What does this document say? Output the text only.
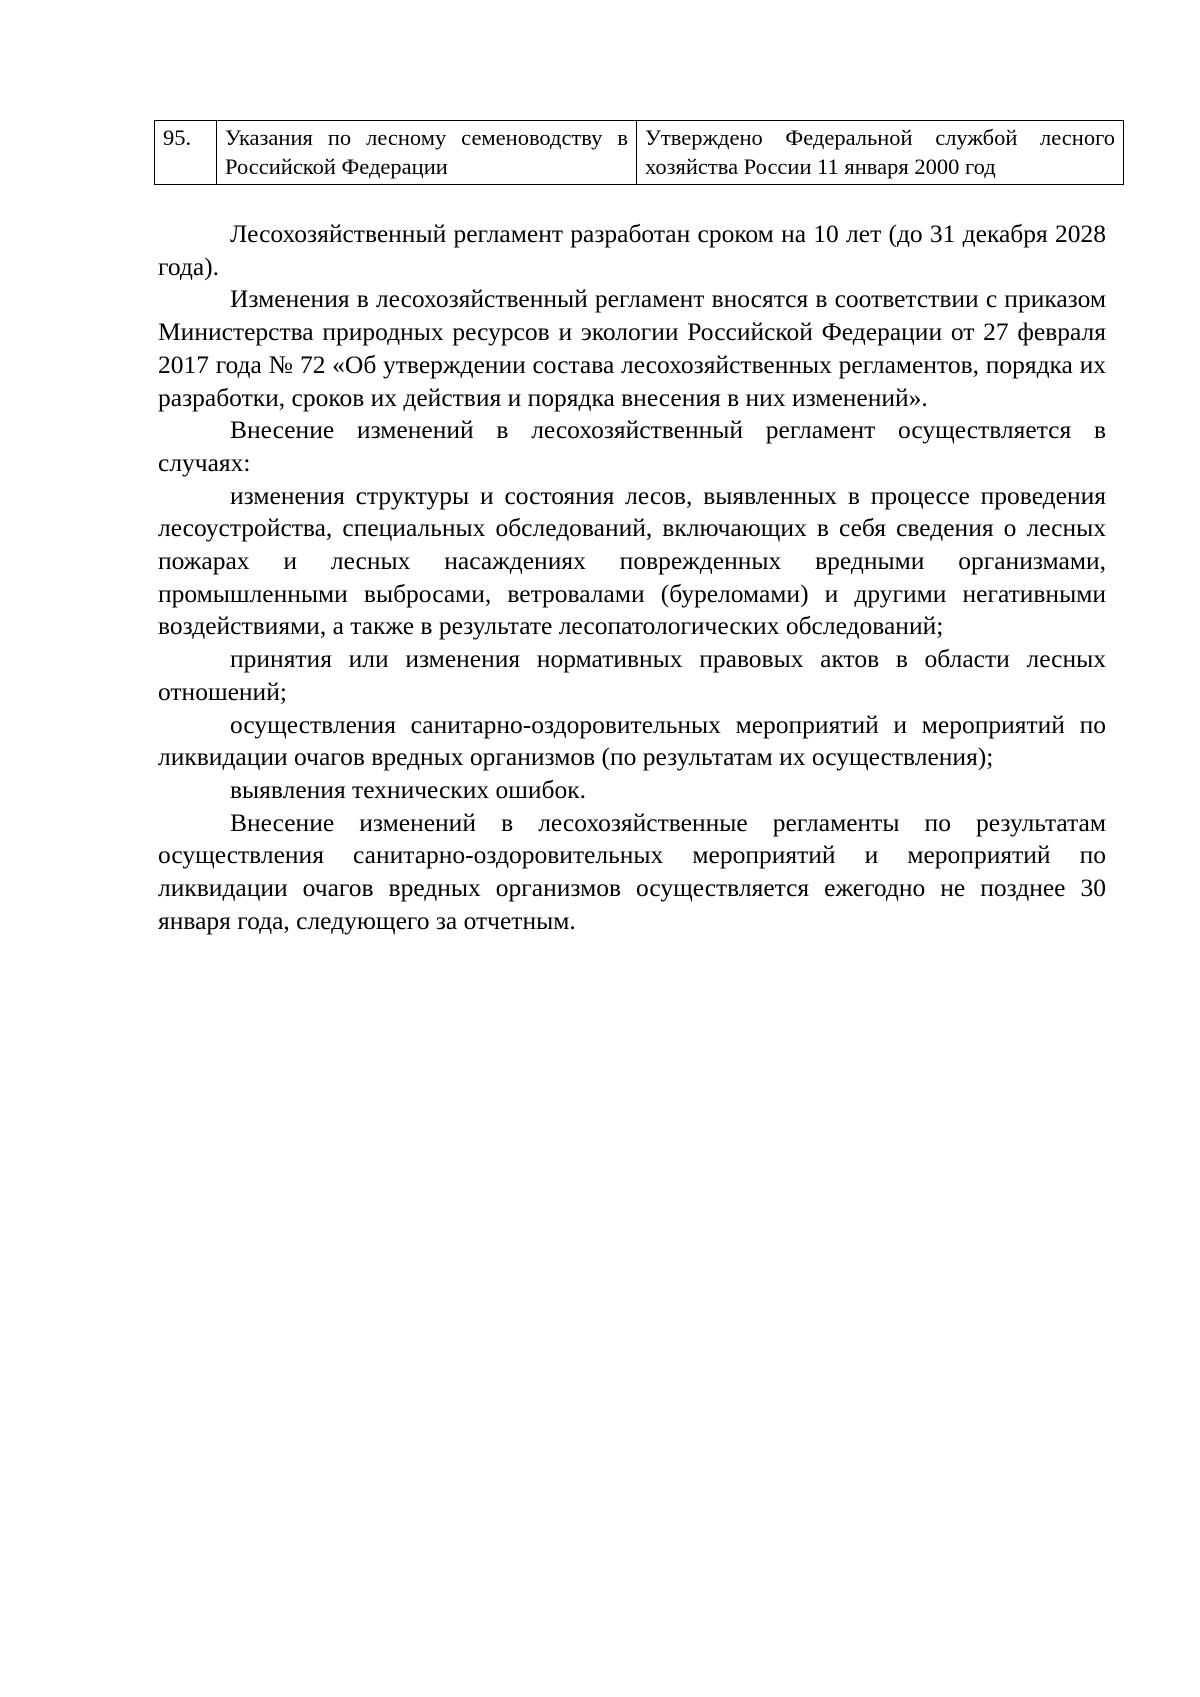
95.	Указания по лесному семеноводству в Российской Федерации	Утверждено Федеральной службой лесного хозяйства России 11 января 2000 год

Лесохозяйственный регламент разработан сроком на 10 лет (до 31 декабря 2028 года).

Изменения в лесохозяйственный регламент вносятся в соответствии с приказом Министерства природных ресурсов и экологии Российской Федерации от 27 февраля 2017 года № 72 «Об утверждении состава лесохозяйственных регламентов, порядка их разработки, сроков их действия и порядка внесения в них изменений».

Внесение изменений в лесохозяйственный регламент осуществляется в случаях:

изменения структуры и состояния лесов, выявленных в процессе проведения лесоустройства, специальных обследований, включающих в себя сведения о лесных пожарах и лесных насаждениях поврежденных вредными организмами, промышленными выбросами, ветровалами (буреломами) и другими негативными воздействиями, а также в результате лесопатологических обследований;

принятия или изменения нормативных правовых актов в области лесных отношений;

осуществления санитарно-оздоровительных мероприятий и мероприятий по ликвидации очагов вредных организмов (по результатам их осуществления);

выявления технических ошибок.

Внесение изменений в лесохозяйственные регламенты по результатам осуществления санитарно-оздоровительных мероприятий и мероприятий по ликвидации очагов вредных организмов осуществляется ежегодно не позднее 30 января года, следующего за отчетным.
